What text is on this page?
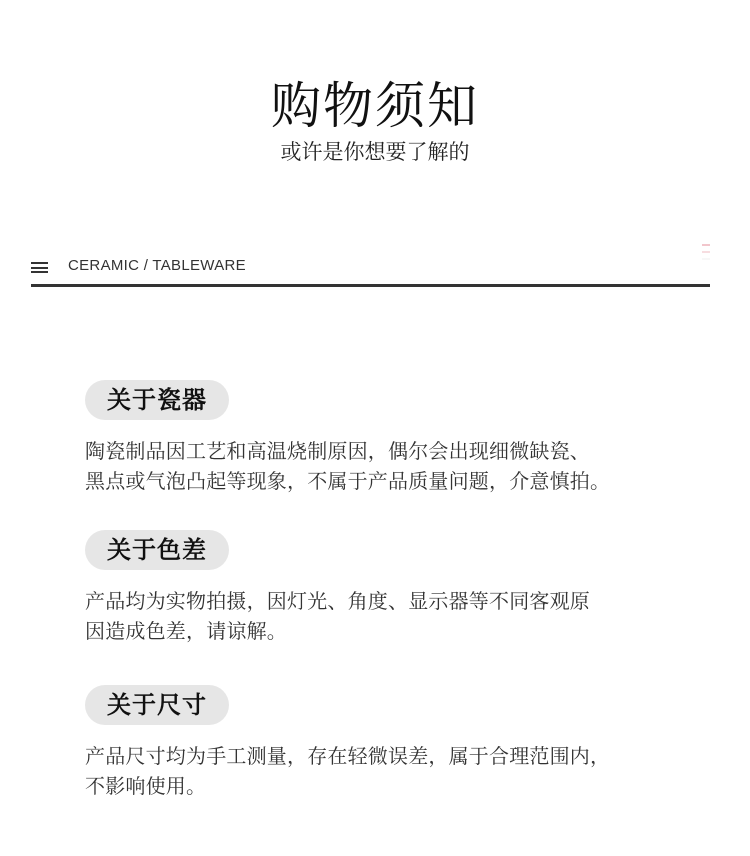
购物须知
或许是你想要了解的
CERAMIC / TABLEWARE
关于瓷器

陶瓷制品因工艺和高温烧制原因，偶尔会出现细微缺瓷、

黑点或气泡凸起等现象，不属于产品质量问题，介意慎拍。

关于色差

产品均为实物拍摄，因灯光、角度、显示器等不同客观原

因造成色差，请谅解。

关于尺寸

产品尺寸均为手工测量，存在轻微误差，属于合理范围内，

不影响使用。
